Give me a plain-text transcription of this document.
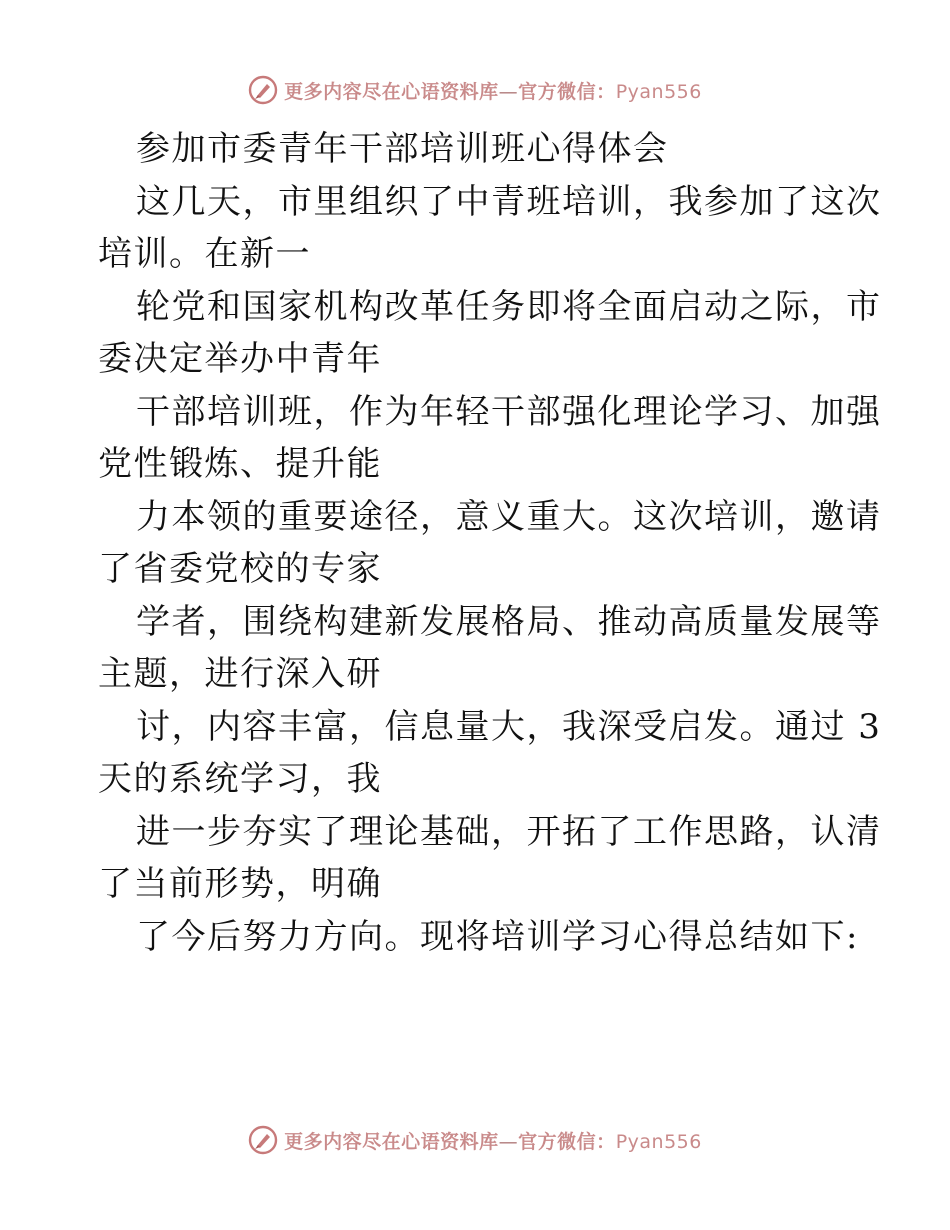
更多内容尽在心语资料库—官方微信：Pyan556
参加市委青年干部培训班心得体会
这几天，市里组织了中青班培训，我参加了这次
培训。在新一
轮党和国家机构改革任务即将全面启动之际，市
委决定举办中青年
干部培训班，作为年轻干部强化理论学习、加强
党性锻炼、提升能
力本领的重要途径，意义重大。这次培训，邀请
了省委党校的专家
学者，围绕构建新发展格局、推动高质量发展等
主题，进行深入研
讨，内容丰富，信息量大，我深受启发。通过 3
天的系统学习，我
进一步夯实了理论基础，开拓了工作思路，认清
了当前形势，明确
了今后努力方向。现将培训学习心得总结如下:
更多内容尽在心语资料库—官方微信：Pyan556
